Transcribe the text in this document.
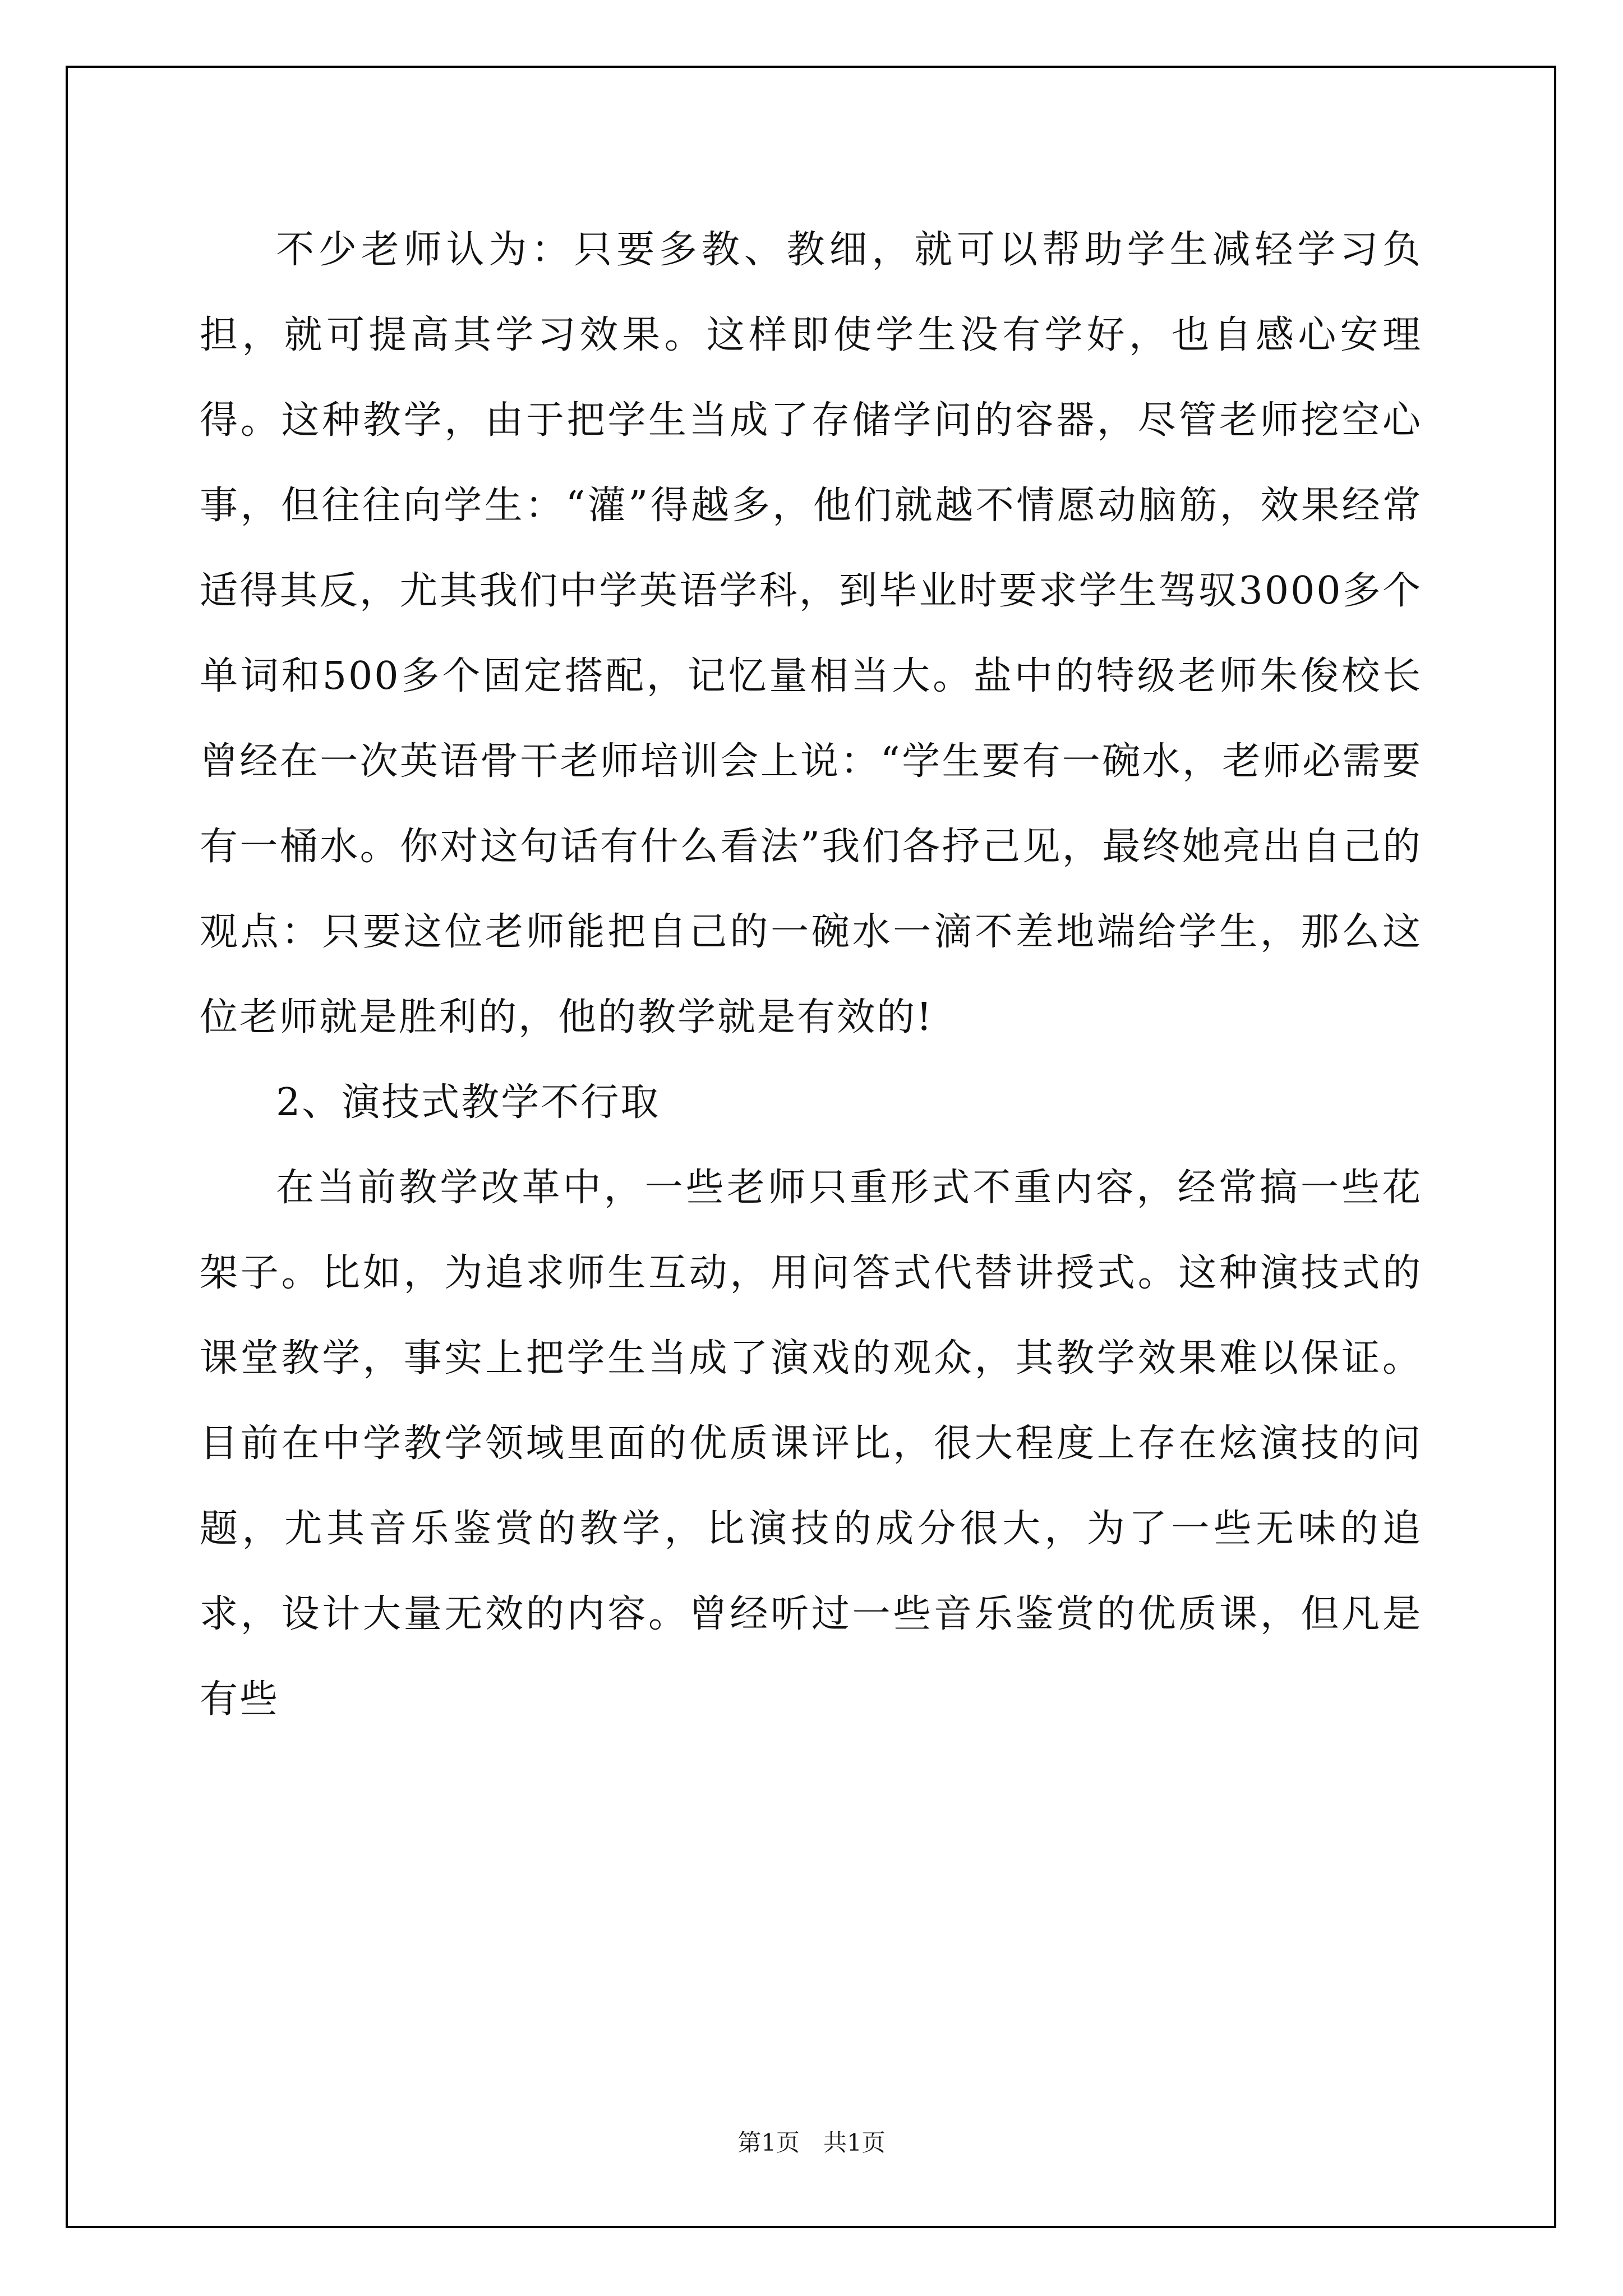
不少老师认为：只要多教、教细，就可以帮助学生减轻学习负担，就可提高其学习效果。这样即使学生没有学好，也自感心安理得。这种教学，由于把学生当成了存储学问的容器，尽管老师挖空心事，但往往向学生：“灌”得越多，他们就越不情愿动脑筋，效果经常适得其反，尤其我们中学英语学科，到毕业时要求学生驾驭3000多个单词和500多个固定搭配，记忆量相当大。盐中的特级老师朱俊校长曾经在一次英语骨干老师培训会上说：“学生要有一碗水，老师必需要有一桶水。你对这句话有什么看法”我们各抒己见，最终她亮出自己的观点：只要这位老师能把自己的一碗水一滴不差地端给学生，那么这位老师就是胜利的，他的教学就是有效的!

2、演技式教学不行取

在当前教学改革中，一些老师只重形式不重内容，经常搞一些花架子。比如，为追求师生互动，用问答式代替讲授式。这种演技式的课堂教学，事实上把学生当成了演戏的观众，其教学效果难以保证。目前在中学教学领域里面的优质课评比，很大程度上存在炫演技的问题，尤其音乐鉴赏的教学，比演技的成分很大，为了一些无味的追求，设计大量无效的内容。曾经听过一些音乐鉴赏的优质课，但凡是有些

第1页　共1页
